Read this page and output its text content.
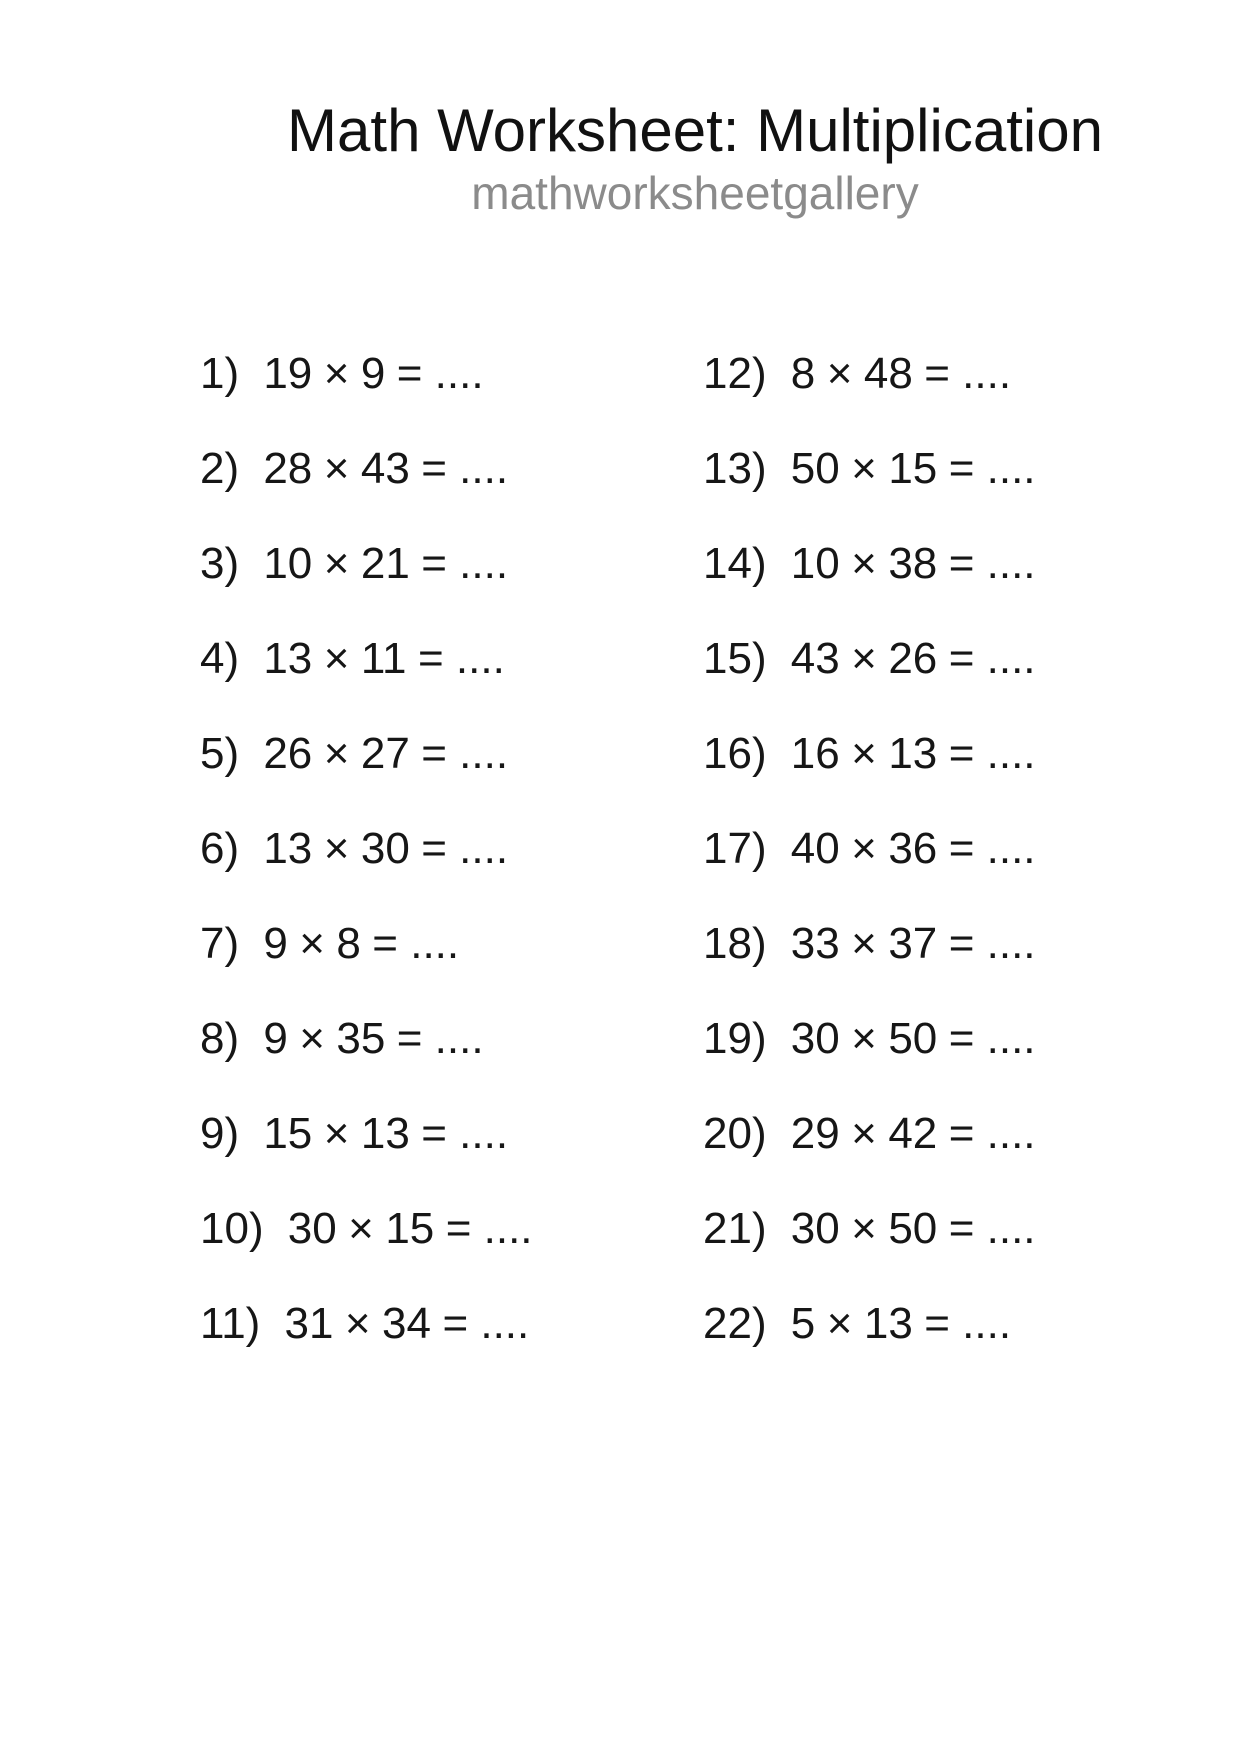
Math Worksheet: Multiplication
mathworksheetgallery
1) 19 × 9 = ....
2) 28 × 43 = ....
3) 10 × 21 = ....
4) 13 × 11 = ....
5) 26 × 27 = ....
6) 13 × 30 = ....
7) 9 × 8 = ....
8) 9 × 35 = ....
9) 15 × 13 = ....
10) 30 × 15 = ....
11) 31 × 34 = ....
12) 8 × 48 = ....
13) 50 × 15 = ....
14) 10 × 38 = ....
15) 43 × 26 = ....
16) 16 × 13 = ....
17) 40 × 36 = ....
18) 33 × 37 = ....
19) 30 × 50 = ....
20) 29 × 42 = ....
21) 30 × 50 = ....
22) 5 × 13 = ....
